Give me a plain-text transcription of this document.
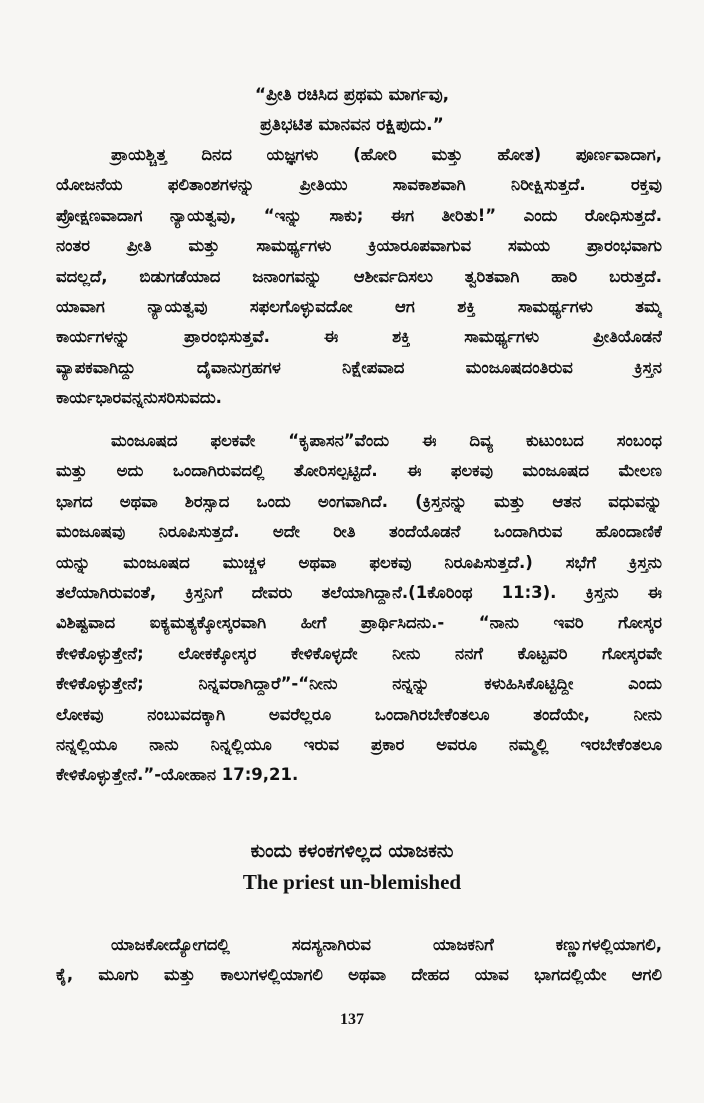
“ಪ್ರೀತಿ ರಚಿಸಿದ ಪ್ರಥಮ ಮಾರ್ಗವು,
ಪ್ರತಿಭಟಿತ ಮಾನವನ ರಕ್ಷಿಪುದು.”
ಪ್ರಾಯಶ್ಚಿತ್ತ ದಿನದ ಯಜ್ಞಗಳು (ಹೋರಿ ಮತ್ತು ಹೋತ) ಪೂರ್ಣವಾದಾಗ,
ಯೋಜನೆಯ ಫಲಿತಾಂಶಗಳನ್ನು ಪ್ರೀತಿಯು ಸಾವಕಾಶವಾಗಿ ನಿರೀಕ್ಷಿಸುತ್ತದೆ. ರಕ್ತವು
ಪ್ರೋಕ್ಷಣವಾದಾಗ ನ್ಯಾಯತ್ವವು, “ಇನ್ನು ಸಾಕು; ಈಗ ತೀರಿತು!” ಎಂದು ರೋಧಿಸುತ್ತದೆ.
ನಂತರ ಪ್ರೀತಿ ಮತ್ತು ಸಾಮರ್ಥ್ಯಗಳು ಕ್ರಿಯಾರೂಪವಾಗುವ ಸಮಯ ಪ್ರಾರಂಭವಾಗು
ವದಲ್ಲದೆ, ಬಿಡುಗಡೆಯಾದ ಜನಾಂಗವನ್ನು ಆಶೀರ್ವದಿಸಲು ತ್ವರಿತವಾಗಿ ಹಾರಿ ಬರುತ್ತದೆ.
ಯಾವಾಗ ನ್ಯಾಯತ್ವವು ಸಫಲಗೊಳ್ಳುವದೋ ಆಗ ಶಕ್ತಿ ಸಾಮರ್ಥ್ಯಗಳು ತಮ್ಮ
ಕಾರ್ಯಗಳನ್ನು ಪ್ರಾರಂಭಿಸುತ್ತವೆ. ಈ ಶಕ್ತಿ ಸಾಮರ್ಥ್ಯಗಳು ಪ್ರೀತಿಯೊಡನೆ
ವ್ಯಾಪಕವಾಗಿದ್ದು ದೈವಾನುಗ್ರಹಗಳ ನಿಕ್ಷೇಪವಾದ ಮಂಜೂಷದಂತಿರುವ ಕ್ರಿಸ್ತನ
ಕಾರ್ಯಭಾರವನ್ನನುಸರಿಸುವದು.
ಮಂಜೂಷದ ಫಲಕವೇ “ಕೃಪಾಸನ”ವೆಂದು ಈ ದಿವ್ಯ ಕುಟುಂಬದ ಸಂಬಂಧ
ಮತ್ತು ಅದು ಒಂದಾಗಿರುವದಲ್ಲಿ ತೋರಿಸಲ್ಪಟ್ಟಿದೆ. ಈ ಫಲಕವು ಮಂಜೂಷದ ಮೇಲಣ
ಭಾಗದ ಅಥವಾ ಶಿರಸ್ಸಾದ ಒಂದು ಅಂಗವಾಗಿದೆ. (ಕ್ರಿಸ್ತನನ್ನು ಮತ್ತು ಆತನ ವಧುವನ್ನು
ಮಂಜೂಷವು ನಿರೂಪಿಸುತ್ತದೆ. ಅದೇ ರೀತಿ ತಂದೆಯೊಡನೆ ಒಂದಾಗಿರುವ ಹೊಂದಾಣಿಕೆ
ಯನ್ನು ಮಂಜೂಷದ ಮುಚ್ಚಳ ಅಥವಾ ಫಲಕವು ನಿರೂಪಿಸುತ್ತದೆ.) ಸಭೆಗೆ ಕ್ರಿಸ್ತನು
ತಲೆಯಾಗಿರುವಂತೆ, ಕ್ರಿಸ್ತನಿಗೆ ದೇವರು ತಲೆಯಾಗಿದ್ದಾನೆ.(1ಕೊರಿಂಥ 11:3). ಕ್ರಿಸ್ತನು ಈ
ವಿಶಿಷ್ಟವಾದ ಐಕ್ಯಮತ್ಯಕ್ಕೋಸ್ಕರವಾಗಿ ಹೀಗೆ ಪ್ರಾರ್ಥಿಸಿದನು.- “ನಾನು ಇವರಿ ಗೋಸ್ಕರ
ಕೇಳಿಕೊಳ್ಳುತ್ತೇನೆ; ಲೋಕಕ್ಕೋಸ್ಕರ ಕೇಳಿಕೊಳ್ಳದೇ ನೀನು ನನಗೆ ಕೊಟ್ಟವರಿ ಗೋಸ್ಕರವೇ
ಕೇಳಿಕೊಳ್ಳುತ್ತೇನೆ; ನಿನ್ನವರಾಗಿದ್ದಾರೆ”-“ನೀನು ನನ್ನನ್ನು ಕಳುಹಿಸಿಕೊಟ್ಟಿದ್ದೀ ಎಂದು
ಲೋಕವು ನಂಬುವದಕ್ಕಾಗಿ ಅವರೆಲ್ಲರೂ ಒಂದಾಗಿರಬೇಕೆಂತಲೂ ತಂದೆಯೇ, ನೀನು
ನನ್ನಲ್ಲಿಯೂ ನಾನು ನಿನ್ನಲ್ಲಿಯೂ ಇರುವ ಪ್ರಕಾರ ಅವರೂ ನಮ್ಮಲ್ಲಿ ಇರಬೇಕೆಂತಲೂ
ಕೇಳಿಕೊಳ್ಳುತ್ತೇನೆ.”-ಯೋಹಾನ 17:9,21.
ಕುಂದು ಕಳಂಕಗಳಿಲ್ಲದ ಯಾಜಕನು
The priest un-blemished
ಯಾಜಕೋದ್ಯೋಗದಲ್ಲಿ ಸದಸ್ಯನಾಗಿರುವ ಯಾಜಕನಿಗೆ ಕಣ್ಣುಗಳಲ್ಲಿಯಾಗಲಿ,
ಕೈ, ಮೂಗು ಮತ್ತು ಕಾಲುಗಳಲ್ಲಿಯಾಗಲಿ ಅಥವಾ ದೇಹದ ಯಾವ ಭಾಗದಲ್ಲಿಯೇ ಆಗಲಿ
137
